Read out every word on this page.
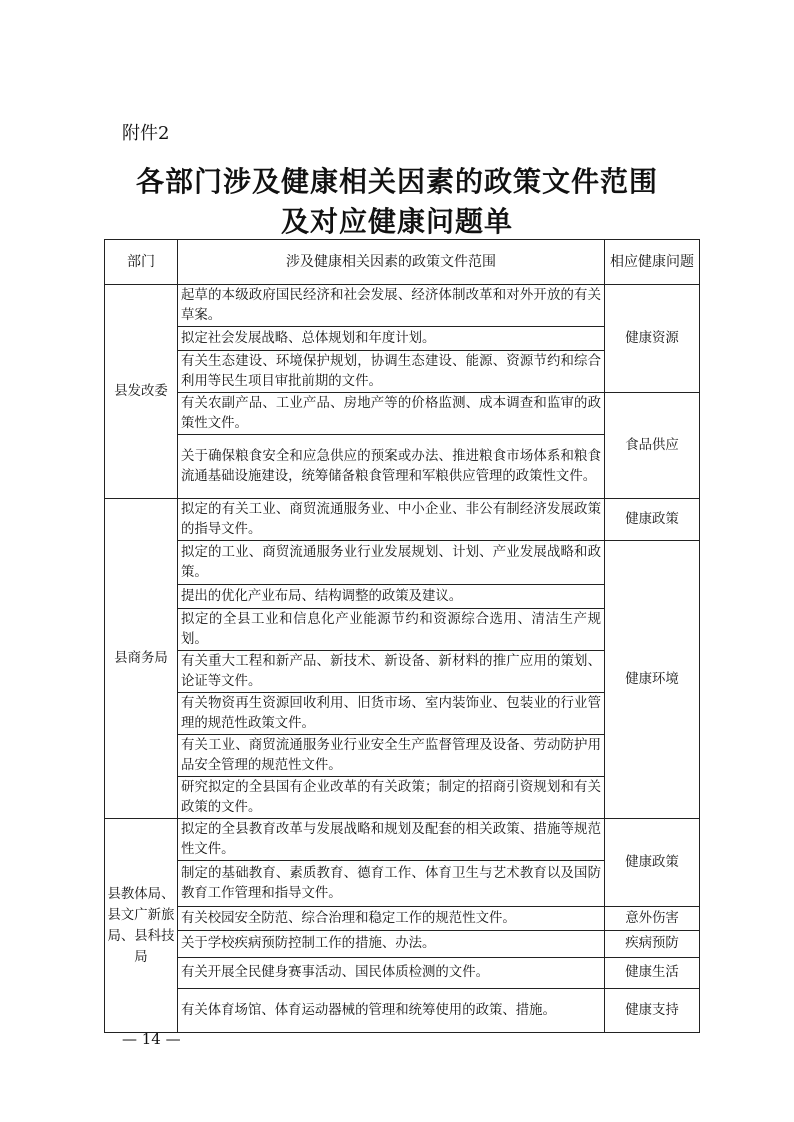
附件2
各部门涉及健康相关因素的政策文件范围
及对应健康问题单
部门	涉及健康相关因素的政策文件范围	相应健康问题
县发改委	起草的本级政府国民经济和社会发展、经济体制改革和对外开放的有关草案。	健康资源
	拟定社会发展战略、总体规划和年度计划。	
	有关生态建设、环境保护规划，协调生态建设、能源、资源节约和综合利用等民生项目审批前期的文件。	
	有关农副产品、工业产品、房地产等的价格监测、成本调查和监审的政策性文件。	食品供应
	关于确保粮食安全和应急供应的预案或办法、推进粮食市场体系和粮食流通基础设施建设，统筹储备粮食管理和军粮供应管理的政策性文件。	
县商务局	拟定的有关工业、商贸流通服务业、中小企业、非公有制经济发展政策的指导文件。	健康政策
	拟定的工业、商贸流通服务业行业发展规划、计划、产业发展战略和政策。	健康环境
	提出的优化产业布局、结构调整的政策及建议。	
	拟定的全县工业和信息化产业能源节约和资源综合选用、清洁生产规划。	
	有关重大工程和新产品、新技术、新设备、新材料的推广应用的策划、论证等文件。	
	有关物资再生资源回收利用、旧货市场、室内装饰业、包装业的行业管理的规范性政策文件。	
	有关工业、商贸流通服务业行业安全生产监督管理及设备、劳动防护用品安全管理的规范性文件。	
	研究拟定的全县国有企业改革的有关政策；制定的招商引资规划和有关政策的文件。	
县教体局、县文广新旅局、县科技局	拟定的全县教育改革与发展战略和规划及配套的相关政策、措施等规范性文件。	健康政策
	制定的基础教育、素质教育、德育工作、体育卫生与艺术教育以及国防教育工作管理和指导文件。	
	有关校园安全防范、综合治理和稳定工作的规范性文件。	意外伤害
	关于学校疾病预防控制工作的措施、办法。	疾病预防
	有关开展全民健身赛事活动、国民体质检测的文件。	健康生活
	有关体育场馆、体育运动器械的管理和统筹使用的政策、措施。	健康支持
— 14 —
